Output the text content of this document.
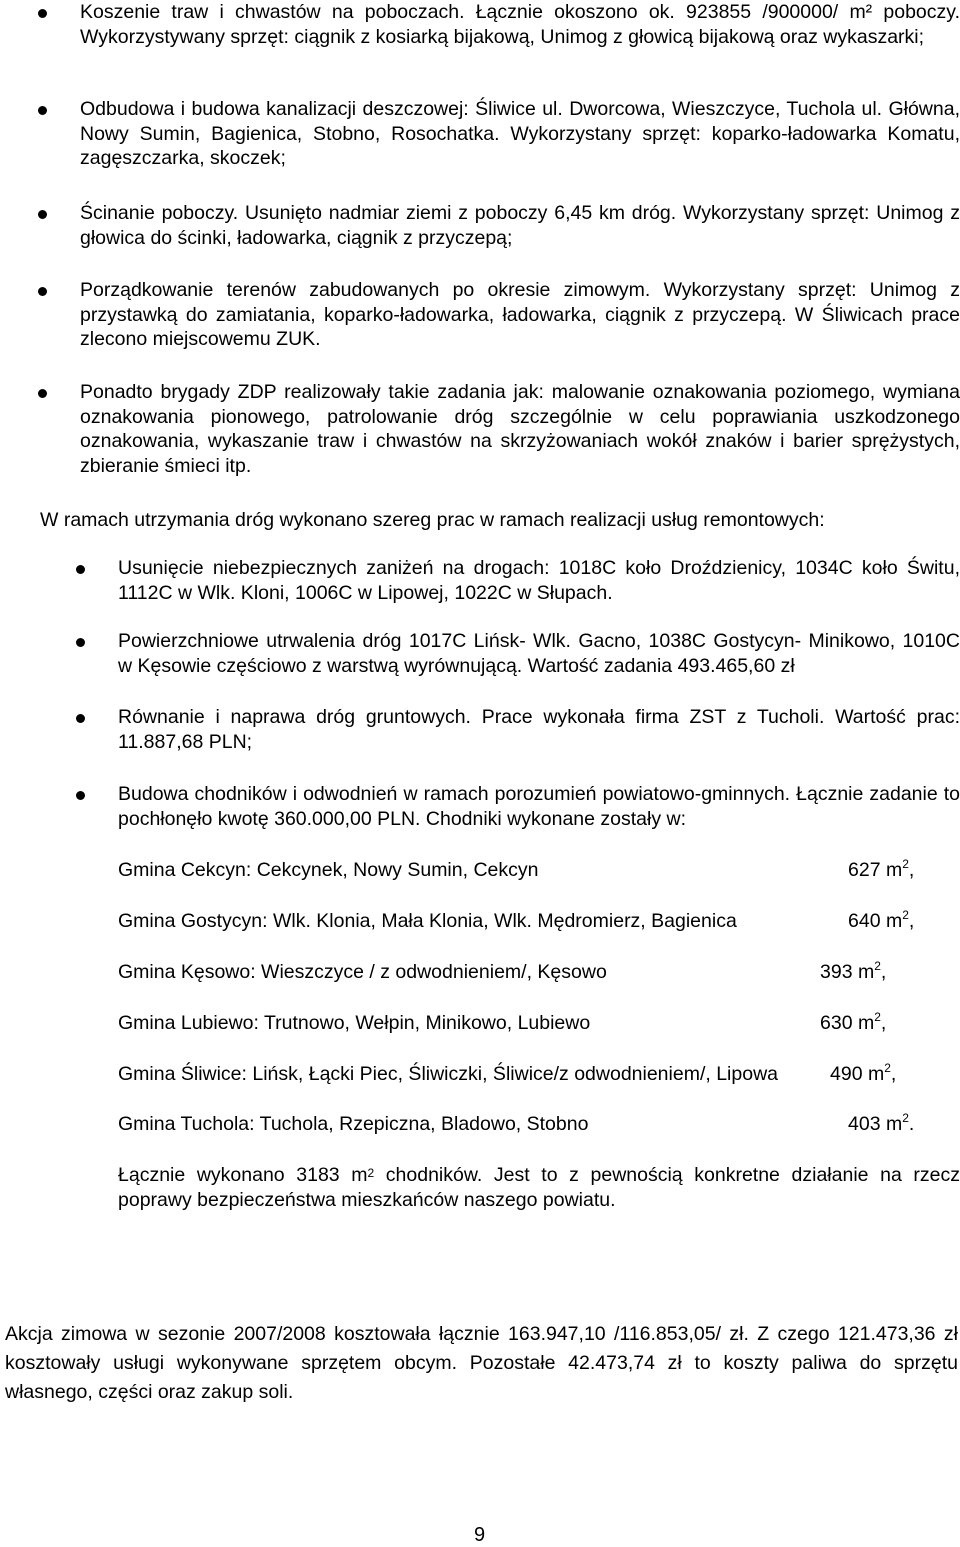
Koszenie traw i chwastów na poboczach. Łącznie okoszono ok. 923855 /900000/ m² poboczy. Wykorzystywany sprzęt: ciągnik z kosiarką bijakową, Unimog z głowicą bijakową oraz wykaszarki;

Odbudowa i budowa kanalizacji deszczowej: Śliwice ul. Dworcowa, Wieszczyce, Tuchola ul. Główna, Nowy Sumin, Bagienica, Stobno, Rosochatka. Wykorzystany sprzęt: koparko-ładowarka Komatu, zagęszczarka, skoczek;

Ścinanie poboczy. Usunięto nadmiar ziemi z poboczy 6,45 km dróg. Wykorzystany sprzęt: Unimog z głowica do ścinki, ładowarka, ciągnik z przyczepą;

Porządkowanie terenów zabudowanych po okresie zimowym. Wykorzystany sprzęt: Unimog z przystawką do zamiatania, koparko-ładowarka, ładowarka, ciągnik z przyczepą. W Śliwicach prace zlecono miejscowemu ZUK.

Ponadto brygady ZDP realizowały takie zadania jak: malowanie oznakowania poziomego, wymiana oznakowania pionowego, patrolowanie dróg szczególnie w celu poprawiania uszkodzonego oznakowania, wykaszanie traw i chwastów na skrzyżowaniach wokół znaków i barier sprężystych, zbieranie śmieci itp.

W ramach utrzymania dróg wykonano szereg prac w ramach realizacji usług remontowych:

Usunięcie niebezpiecznych zaniżeń na drogach: 1018C koło Droździenicy, 1034C koło Świtu, 1112C w Wlk. Kloni, 1006C w Lipowej, 1022C w Słupach.

Powierzchniowe utrwalenia dróg 1017C Lińsk- Wlk. Gacno, 1038C Gostycyn- Minikowo, 1010C w Kęsowie częściowo z warstwą wyrównującą. Wartość zadania 493.465,60 zł

Równanie i naprawa dróg gruntowych. Prace wykonała firma ZST z Tucholi. Wartość prac: 11.887,68 PLN;

Budowa chodników i odwodnień w ramach porozumień powiatowo-gminnych. Łącznie zadanie to pochłonęło kwotę 360.000,00 PLN. Chodniki wykonane zostały w:

Gmina Cekcyn: Cekcynek, Nowy Sumin, Cekcyn	627 $m^2$,
Gmina Gostycyn: Wlk. Klonia, Mała Klonia, Wlk. Mędromierz, Bagienica	640 $m^2$,
Gmina Kęsowo: Wieszczyce / z odwodnieniem/, Kęsowo	393 $m^2$,
Gmina Lubiewo: Trutnowo, Wełpin, Minikowo, Lubiewo	630 $m^2$,
Gmina Śliwice: Lińsk, Łącki Piec, Śliwiczki, Śliwice/z odwodnieniem/, Lipowa	490 $m^2$,
Gmina Tuchola: Tuchola, Rzepiczna, Bladowo, Stobno	403 $m^2$.

Łącznie wykonano 3183 $m^2$ chodników. Jest to z pewnością konkretne działanie na rzecz poprawy bezpieczeństwa mieszkańców naszego powiatu.

Akcja zimowa w sezonie 2007/2008 kosztowała łącznie 163.947,10 /116.853,05/ zł. Z czego 121.473,36 zł kosztowały usługi wykonywane sprzętem obcym. Pozostałe 42.473,74 zł to koszty paliwa do sprzętu własnego, części oraz zakup soli.

9
